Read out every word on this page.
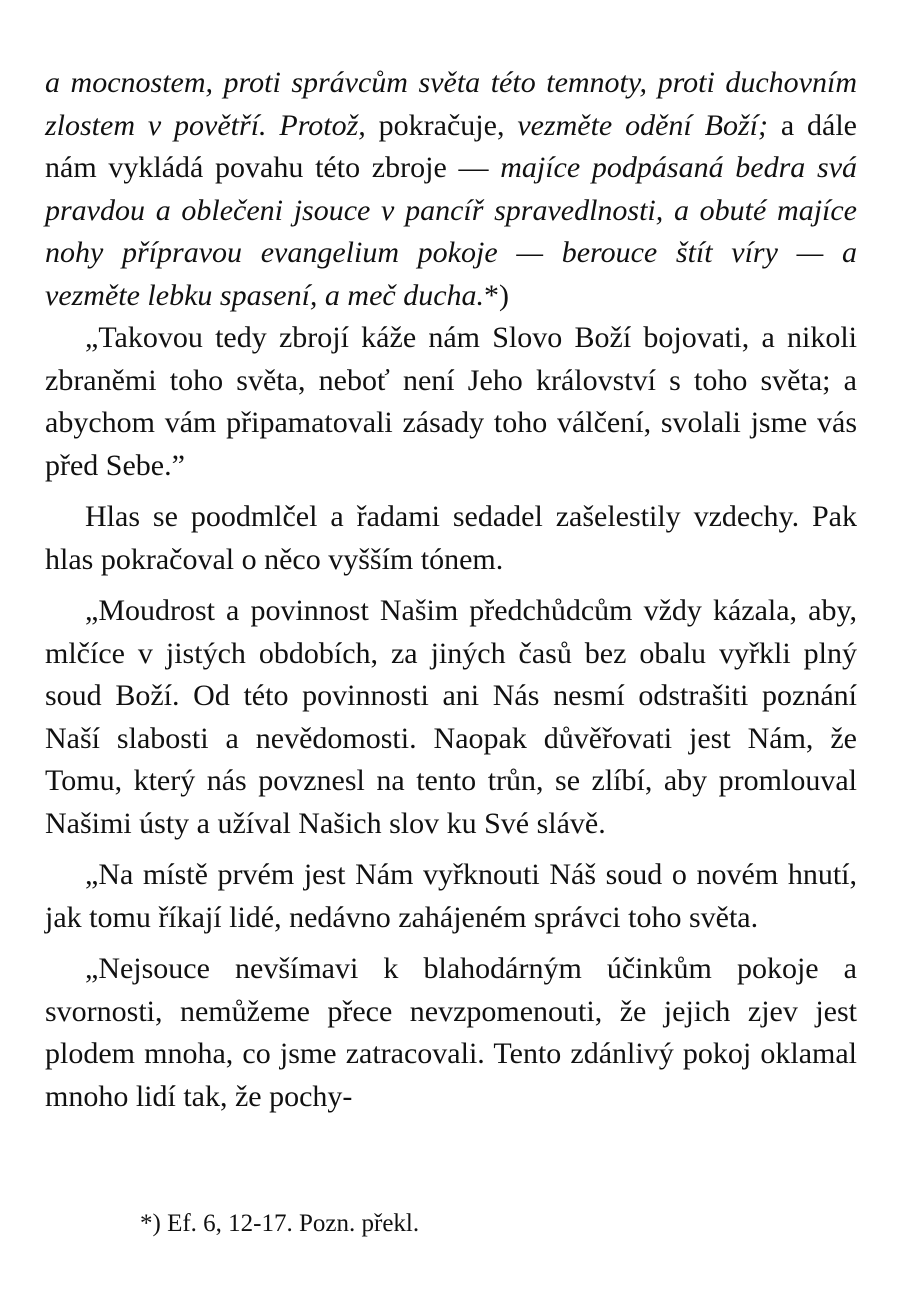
a mocnostem, proti správcům světa této temnoty, proti duchovním zlostem v povětří. Protož, pokračuje, vezměte odění Boží; a dále nám vykládá povahu této zbroje — majíce podpásaná bedra svá pravdou a oblečeni jsouce v pancíř spravedlnosti, a obuté majíce nohy přípravou evangelium pokoje — berouce štít víry — a vezměte lebku spasení, a meč ducha.*)

„Takovou tedy zbrojí káže nám Slovo Boží bojovati, a nikoli zbraněmi toho světa, neboť není Jeho království s toho světa; a abychom vám připamatovali zásady toho válčení, svolali jsme vás před Sebe.”

Hlas se poodmlčel a řadami sedadel zašelestily vzdechy. Pak hlas pokračoval o něco vyšším tónem.

„Moudrost a povinnost Našim předchůdcům vždy kázala, aby, mlčíce v jistých obdobích, za jiných časů bez obalu vyřkli plný soud Boží. Od této povinnosti ani Nás nesmí odstrašiti poznání Naší slabosti a nevědomosti. Naopak důvěřovati jest Nám, že Tomu, který nás povznesl na tento trůn, se zlíbí, aby promlouval Našimi ústy a užíval Našich slov ku Své slávě.

„Na místě prvém jest Nám vyřknouti Náš soud o novém hnutí, jak tomu říkají lidé, nedávno zahájeném správci toho světa.

„Nejsouce nevšímavi k blahodárným účinkům pokoje a svornosti, nemůžeme přece nevzpomenouti, že jejich zjev jest plodem mnoha, co jsme zatracovali. Tento zdánlivý pokoj oklamal mnoho lidí tak, že pochy-

*) Ef. 6, 12-17. Pozn. překl.
